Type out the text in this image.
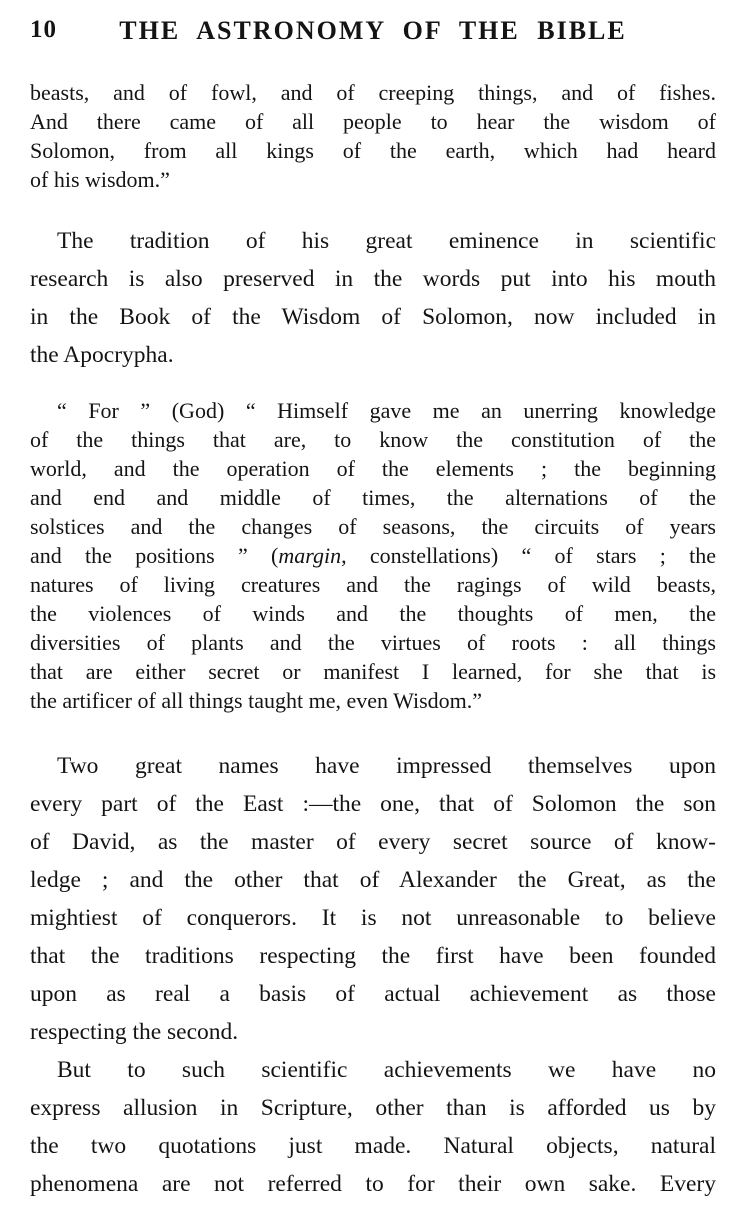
10	THE ASTRONOMY OF THE BIBLE
beasts, and of fowl, and of creeping things, and of fishes.
And there came of all people to hear the wisdom of
Solomon, from all kings of the earth, which had heard
of his wisdom.”
The tradition of his great eminence in scientific
research is also preserved in the words put into his mouth
in the Book of the Wisdom of Solomon, now included in
the Apocrypha.
“ For ” (God) “ Himself gave me an unerring knowledge
of the things that are, to know the constitution of the
world, and the operation of the elements ; the beginning
and end and middle of times, the alternations of the
solstices and the changes of seasons, the circuits of years
and the positions ” (margin, constellations) “ of stars ; the
natures of living creatures and the ragings of wild beasts,
the violences of winds and the thoughts of men, the
diversities of plants and the virtues of roots : all things
that are either secret or manifest I learned, for she that is
the artificer of all things taught me, even Wisdom.”
Two great names have impressed themselves upon
every part of the East :—the one, that of Solomon the son
of David, as the master of every secret source of know-
ledge ; and the other that of Alexander the Great, as the
mightiest of conquerors. It is not unreasonable to believe
that the traditions respecting the first have been founded
upon as real a basis of actual achievement as those
respecting the second.
But to such scientific achievements we have no
express allusion in Scripture, other than is afforded us by
the two quotations just made. Natural objects, natural
phenomena are not referred to for their own sake. Every
